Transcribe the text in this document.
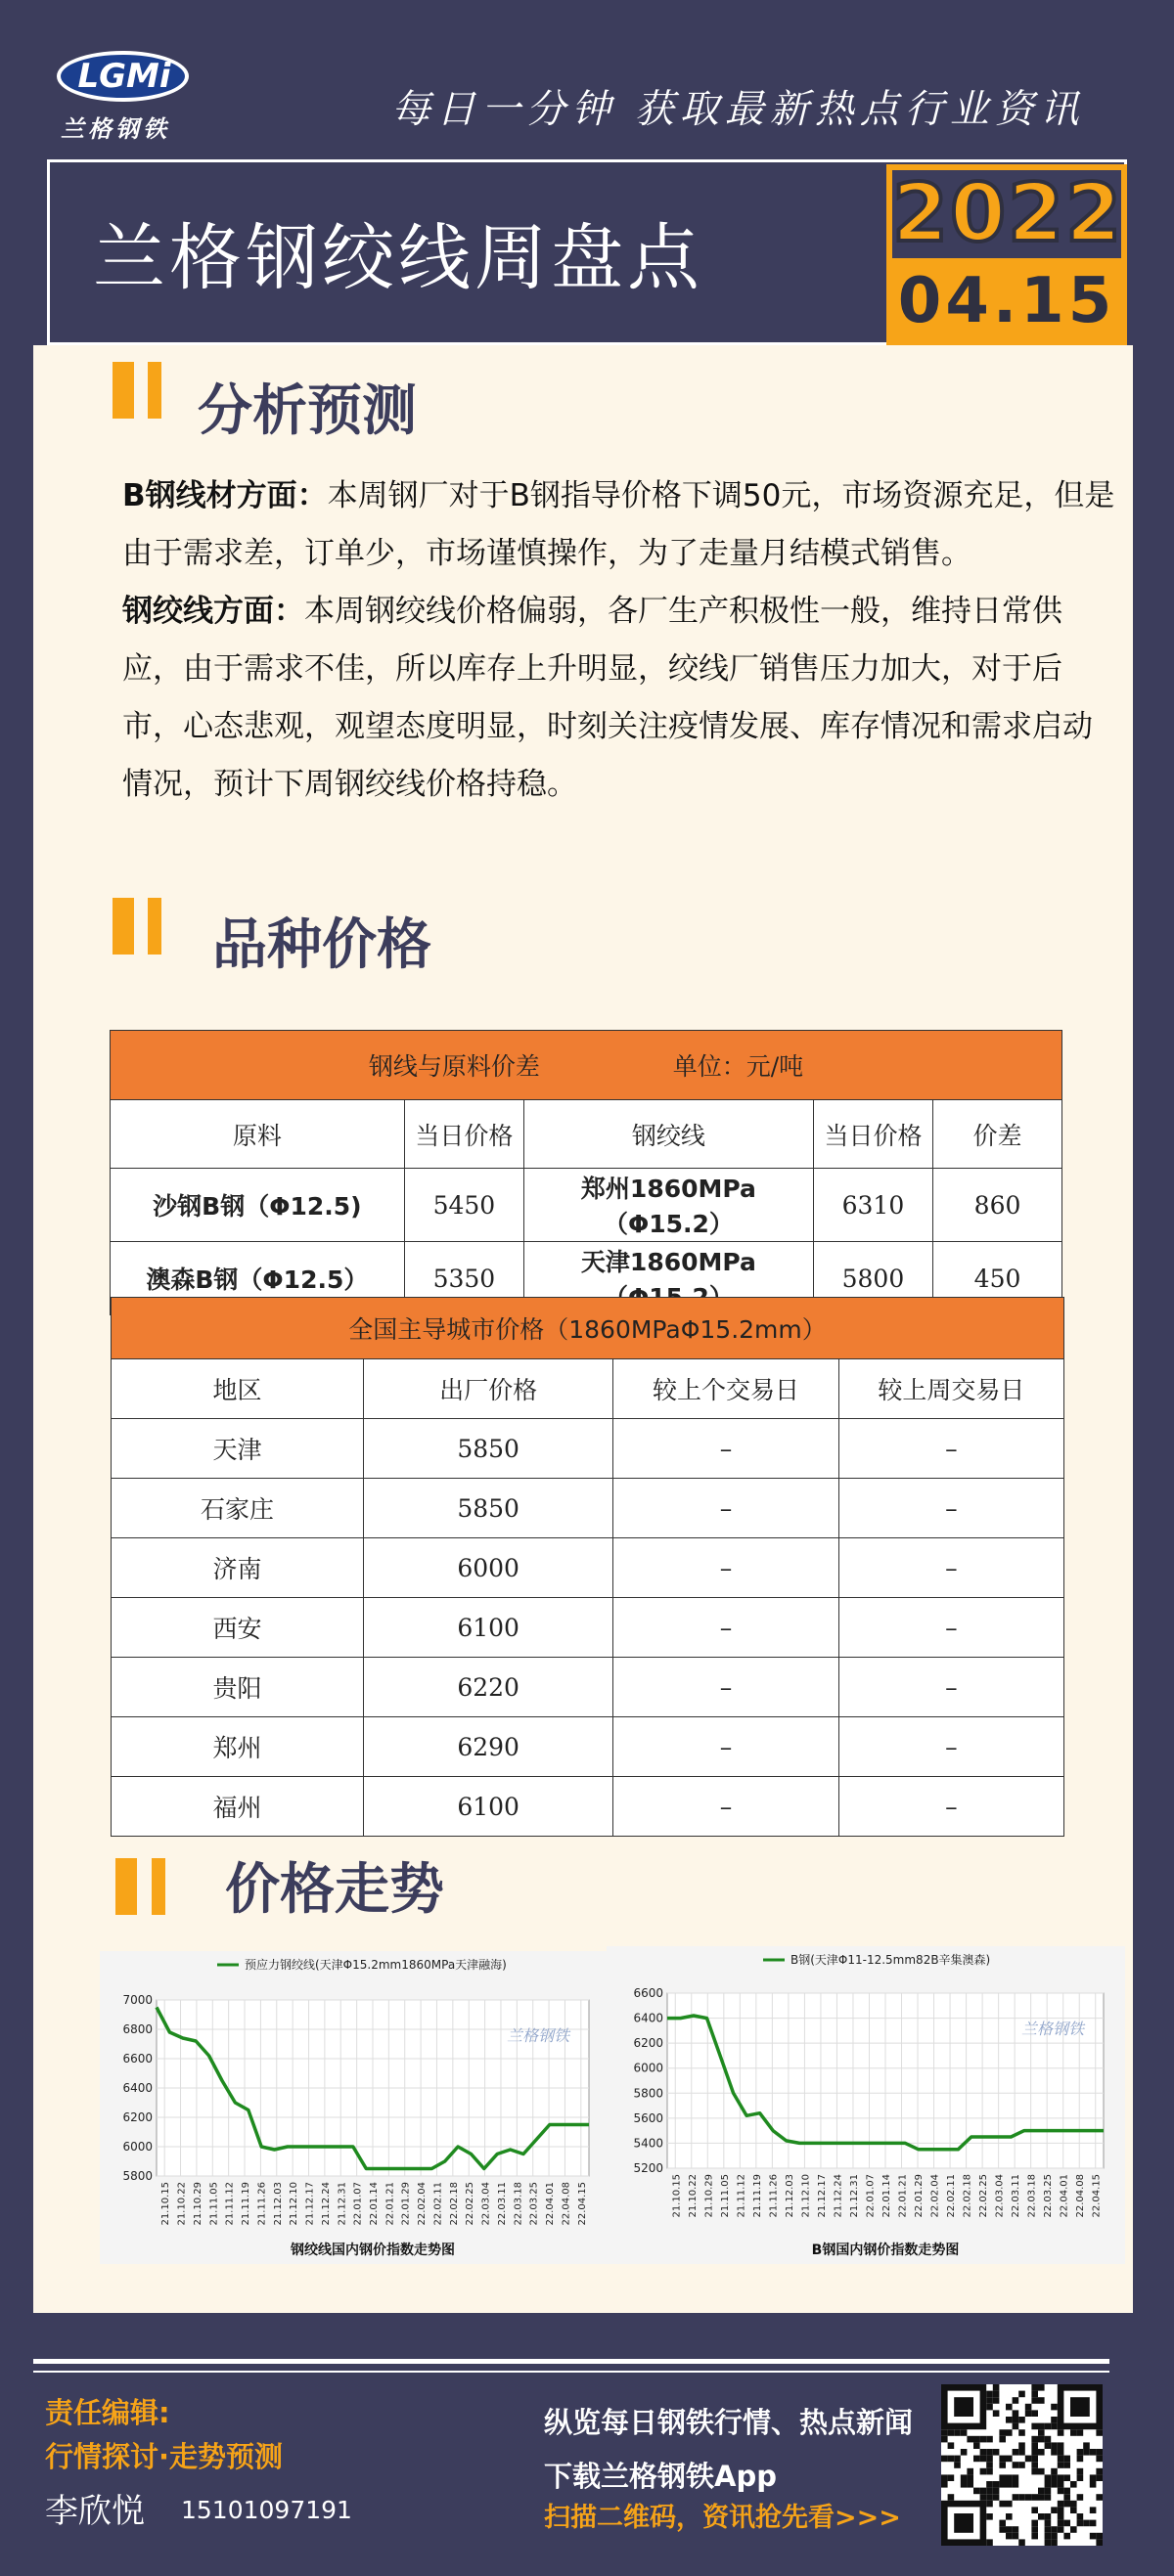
LGMi
兰格钢铁	每日一分钟 获取最新热点行业资讯
兰格钢绞线周盘点 2022
04.15
分析预测
B钢线材方面：本周钢厂对于B钢指导价格下调50元，市场资源充足，但是由于需求差，订单少，市场谨慎操作，为了走量月结模式销售。
钢绞线方面：本周钢绞线价格偏弱，各厂生产积极性一般，维持日常供应，由于需求不佳，所以库存上升明显，绞线厂销售压力加大，对于后市，心态悲观，观望态度明显，时刻关注疫情发展、库存情况和需求启动情况，预计下周钢绞线价格持稳。
品种价格
钢线与原料价差 单位：元/吨				
原料	当日价格	钢绞线	当日价格	价差
沙钢B钢（Φ12.5)	5450	郑州1860MPa（Φ15.2）	6310	860
澳森B钢（Φ12.5）	5350	天津1860MPa	5800	450
全国主导城市价格（1860MPaΦ15.2mm）			
地区	出厂价格	较上个交易日	较上周交易日
天津	5850	–	–
石家庄	5850	–	–
济南	6000	–	–
西安	6100	–	–
贵阳	6220	–	–
郑州	6290	–	–
福州	6100	–	–
价格走势
5800
6000
6200
6400
6600
6800
7000
21.10.15 21.10.22 21.10.29 21.11.05 21.11.12 21.11.19 21.11.26 21.12.03 21.12.10 21.12.17 21.12.24 21.12.31 22.01.07 22.01.14 22.01.21 22.01.29 22.02.04 22.02.11 22.02.18 22.02.25 22.03.04 22.03.11 22.03.18 22.03.25 22.04.01 22.04.08 22.04.15
预应力钢绞线(天津Φ15.2mm1860MPa天津融海)
兰格钢铁
钢绞线国内钢价指数走势图
5200
5400
5600
5800
6000
6200
6400
6600
21.10.15 21.10.22 21.10.29 21.11.05 21.11.12 21.11.19 21.11.26 21.12.03 21.12.10 21.12.17 21.12.24 21.12.31 22.01.07 22.01.14 22.01.21 22.01.29 22.02.04 22.02.11 22.02.18 22.02.25 22.03.04 22.03.11 22.03.18 22.03.25 22.04.01 22.04.08 22.04.15
B钢(天津Φ11-12.5mm82B辛集澳森)
兰格钢铁
B钢国内钢价指数走势图
责任编辑:
行情探讨·走势预测
李欣悦 15101097191
纵览每日钢铁行情、热点新闻
下载兰格钢铁App
扫描二维码，资讯抢先看>>>
